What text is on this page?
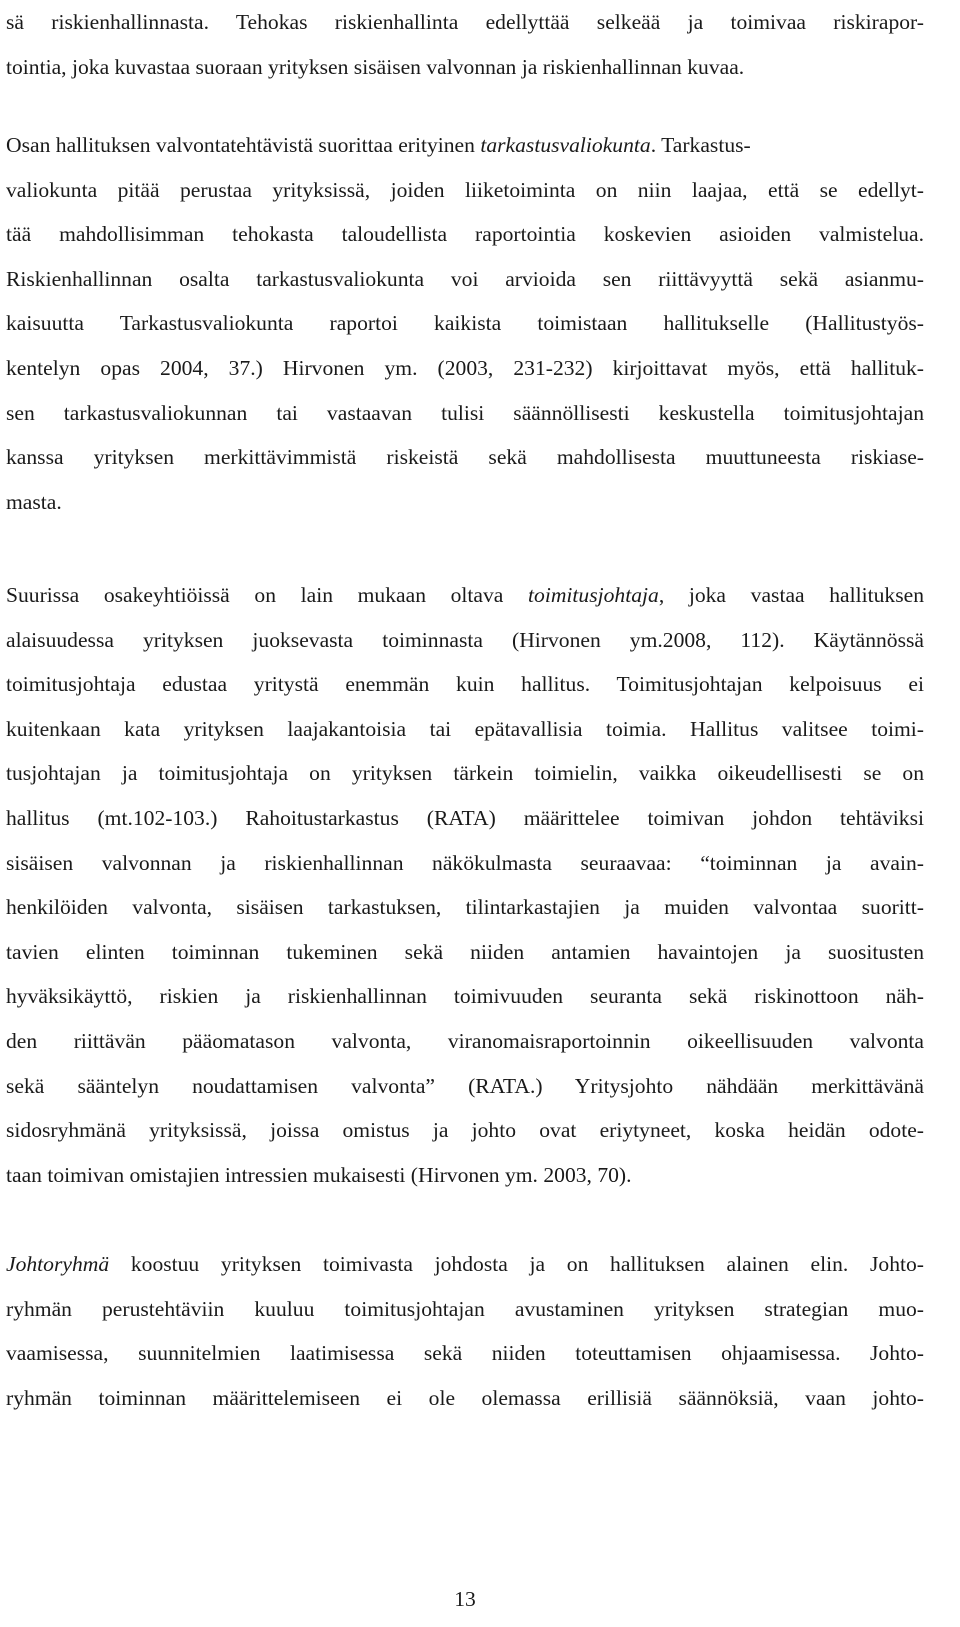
sä riskienhallinnasta. Tehokas riskienhallinta edellyttää selkeää ja toimivaa riskirapor-
tointia, joka kuvastaa suoraan yrityksen sisäisen valvonnan ja riskienhallinnan kuvaa.
Osan hallituksen valvontatehtävistä suorittaa erityinen tarkastusvaliokunta. Tarkastus-
valiokunta pitää perustaa yrityksissä, joiden liiketoiminta on niin laajaa, että se edellyt-
tää mahdollisimman tehokasta taloudellista raportointia koskevien asioiden valmistelua.
Riskienhallinnan osalta tarkastusvaliokunta voi arvioida sen riittävyyttä sekä asianmu-
kaisuutta Tarkastusvaliokunta raportoi kaikista toimistaan hallitukselle (Hallitustyös-
kentelyn opas 2004, 37.) Hirvonen ym. (2003, 231-232) kirjoittavat myös, että hallituk-
sen tarkastusvaliokunnan tai vastaavan tulisi säännöllisesti keskustella toimitusjohtajan
kanssa yrityksen merkittävimmistä riskeistä sekä mahdollisesta muuttuneesta riskiase-
masta.
Suurissa osakeyhtiöissä on lain mukaan oltava toimitusjohtaja, joka vastaa hallituksen
alaisuudessa yrityksen juoksevasta toiminnasta (Hirvonen ym.2008, 112). Käytännössä
toimitusjohtaja edustaa yritystä enemmän kuin hallitus. Toimitusjohtajan kelpoisuus ei
kuitenkaan kata yrityksen laajakantoisia tai epätavallisia toimia. Hallitus valitsee toimi-
tusjohtajan ja toimitusjohtaja on yrityksen tärkein toimielin, vaikka oikeudellisesti se on
hallitus (mt.102-103.) Rahoitustarkastus (RATA) määrittelee toimivan johdon tehtäviksi
sisäisen valvonnan ja riskienhallinnan näkökulmasta seuraavaa: “toiminnan ja avain-
henkilöiden valvonta, sisäisen tarkastuksen, tilintarkastajien ja muiden valvontaa suoritt-
tavien elinten toiminnan tukeminen sekä niiden antamien havaintojen ja suositusten
hyväksikäyttö, riskien ja riskienhallinnan toimivuuden seuranta sekä riskinottoon näh-
den riittävän pääomatason valvonta, viranomaisraportoinnin oikeellisuuden valvonta
sekä sääntelyn noudattamisen valvonta” (RATA.) Yritysjohto nähdään merkittävänä
sidosryhmänä yrityksissä, joissa omistus ja johto ovat eriytyneet, koska heidän odote-
taan toimivan omistajien intressien mukaisesti (Hirvonen ym. 2003, 70).
Johtoryhmä koostuu yrityksen toimivasta johdosta ja on hallituksen alainen elin. Johto-
ryhmän perustehtäviin kuuluu toimitusjohtajan avustaminen yrityksen strategian muo-
vaamisessa, suunnitelmien laatimisessa sekä niiden toteuttamisen ohjaamisessa. Johto-
ryhmän toiminnan määrittelemiseen ei ole olemassa erillisiä säännöksiä, vaan johto-
13
